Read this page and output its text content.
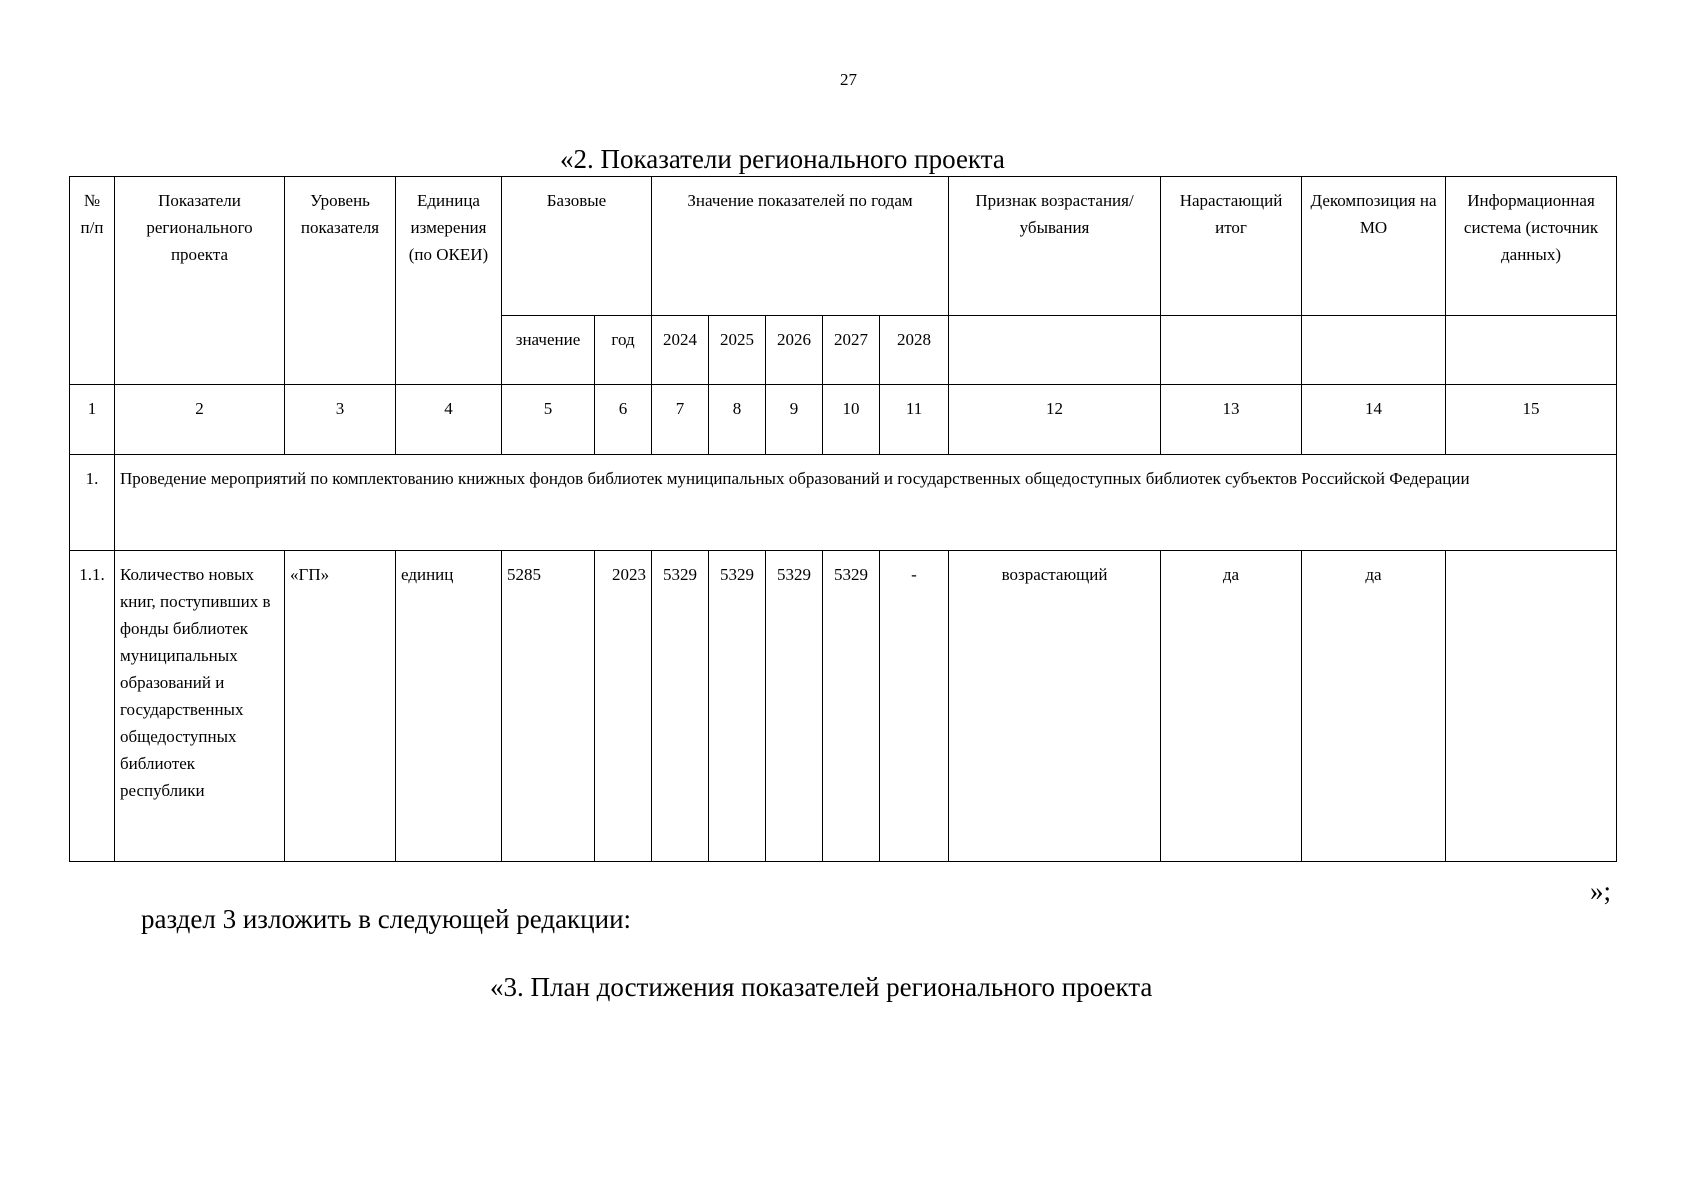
27
«2. Показатели регионального проекта
№ п/п	Показатели регионального проекта	Уровень показателя	Единица измерения (по ОКЕИ)	Базовые		Значение показателей по годам					Признак возрастания/убывания	Нарастающий итог	Декомпозиция на МО	Информационная система (источник данных)
				значение	год	2024	2025	2026	2027	2028				
1	2	3	4	5	6	7	8	9	10	11	12	13	14	15
1.	Проведение мероприятий по комплектованию книжных фондов библиотек муниципальных образований и государственных общедоступных библиотек субъектов Российской Федерации													
1.1.	Количество новых книг, поступивших в фонды библиотек муниципальных образований и государственных общедоступных библиотек республики	«ГП»	единиц	5285	2023	5329	5329	5329	5329	-	возрастающий	да	да	
»;
раздел 3 изложить в следующей редакции:
«3. План достижения показателей регионального проекта
